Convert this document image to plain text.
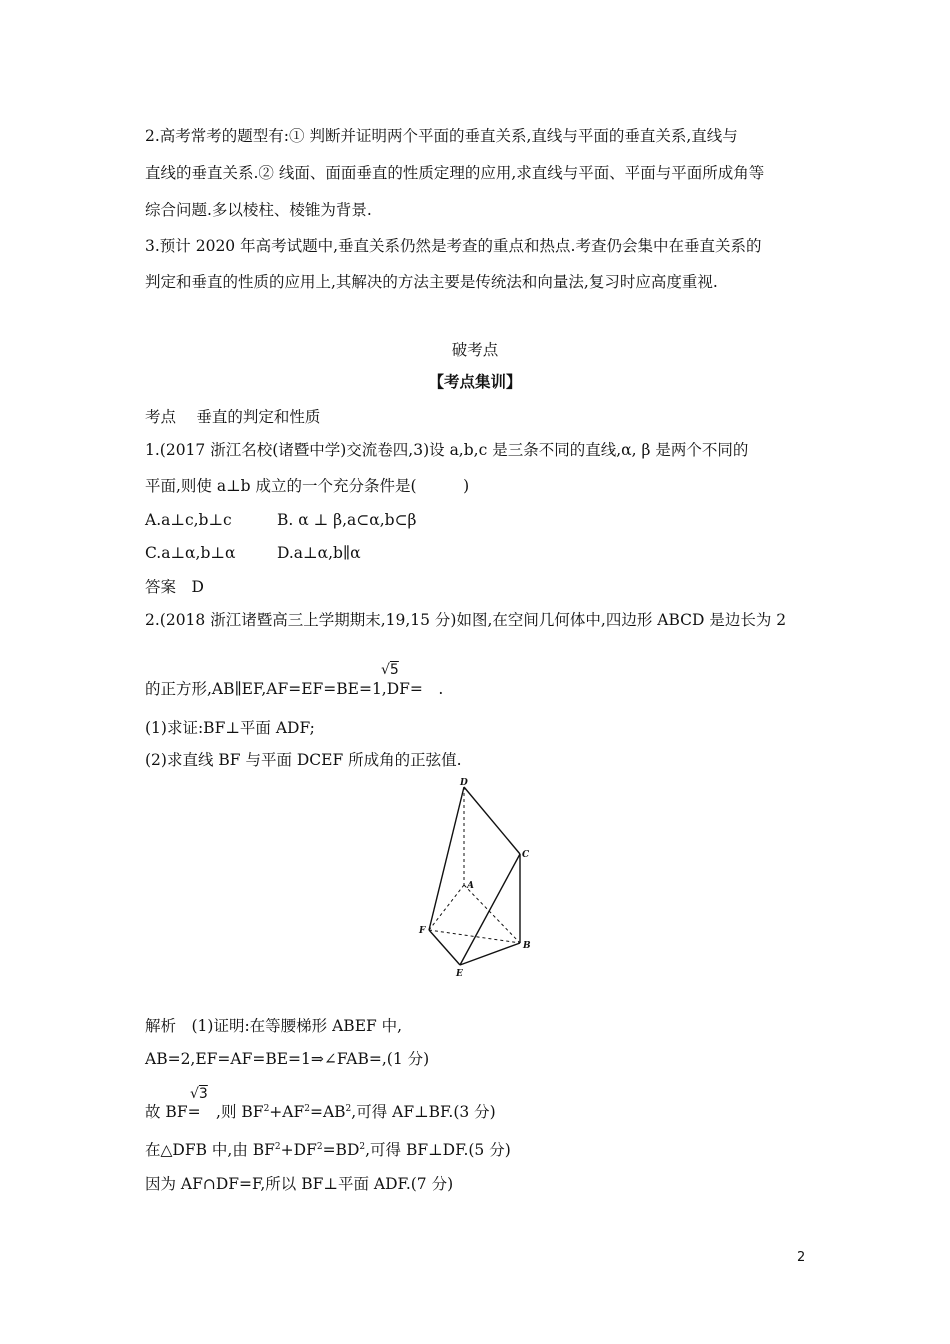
2.高考常考的题型有:① 判断并证明两个平面的垂直关系,直线与平面的垂直关系,直线与
直线的垂直关系.② 线面、面面垂直的性质定理的应用,求直线与平面、平面与平面所成角等
综合问题.多以棱柱、棱锥为背景.
3.预计 2020 年高考试题中,垂直关系仍然是考查的重点和热点.考查仍会集中在垂直关系的
判定和垂直的性质的应用上,其解决的方法主要是传统法和向量法,复习时应高度重视.
破考点
【考点集训】
考点　 垂直的判定和性质
1.(2017 浙江名校(诸暨中学)交流卷四,3)设 a,b,c 是三条不同的直线,α, β 是两个不同的
平面,则使 a⊥b 成立的一个充分条件是(　　　)
A.a⊥c,b⊥c	B. α ⊥ β,a⊂α,b⊂β
C.a⊥α,b⊥α	D.a⊥α,b∥α
答案　D
2.(2018 浙江诸暨高三上学期期末,19,15 分)如图,在空间几何体中,四边形 ABCD 是边长为 2
√5
的正方形,AB∥EF,AF=EF=BE=1,DF=　.
(1)求证:BF⊥平面 ADF;
(2)求直线 BF 与平面 DCEF 所成角的正弦值.
D
C
A
F
B
E
解析　(1)证明:在等腰梯形 ABEF 中,
AB=2,EF=AF=BE=1⇒∠FAB=,(1 分)
√3
故 BF=　,则 $BF^2+AF^2=AB^2$,可得 AF⊥BF.(3 分)
在△DFB 中,由 $BF^2+DF^2=BD^2$,可得 BF⊥DF.(5 分)
因为 AF∩DF=F,所以 BF⊥平面 ADF.(7 分)
2
